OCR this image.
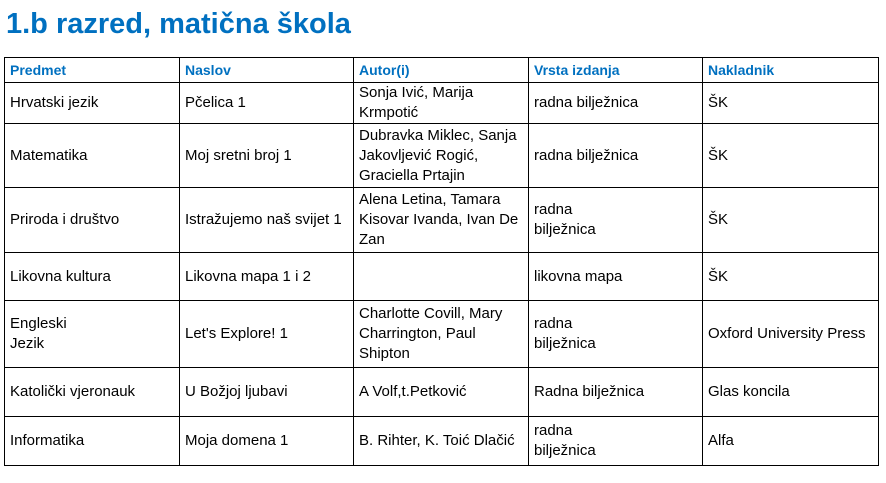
1.b razred, matična škola
Predmet	Naslov	Autor(i)	Vrsta izdanja	Nakladnik
Hrvatski jezik	Pčelica 1	Sonja Ivić, Marija Krmpotić	radna bilježnica	ŠK
Matematika	Moj sretni broj 1	Dubravka Miklec, Sanja Jakovljević Rogić, Graciella Prtajin	radna bilježnica	ŠK
Priroda i društvo	Istražujemo naš svijet 1	Alena Letina, Tamara Kisovar Ivanda, Ivan De Zan	radna bilježnica	ŠK
Likovna kultura	Likovna mapa 1 i 2		likovna mapa	ŠK
Engleski Jezik	Let's Explore! 1	Charlotte Covill, Mary Charrington, Paul Shipton	radna bilježnica	Oxford University Press
Katolički vjeronauk	U Božjoj ljubavi	A Volf,t.Petković	Radna bilježnica	Glas koncila
Informatika	Moja domena 1	B. Rihter, K. Toić Dlačić	radna bilježnica	Alfa
